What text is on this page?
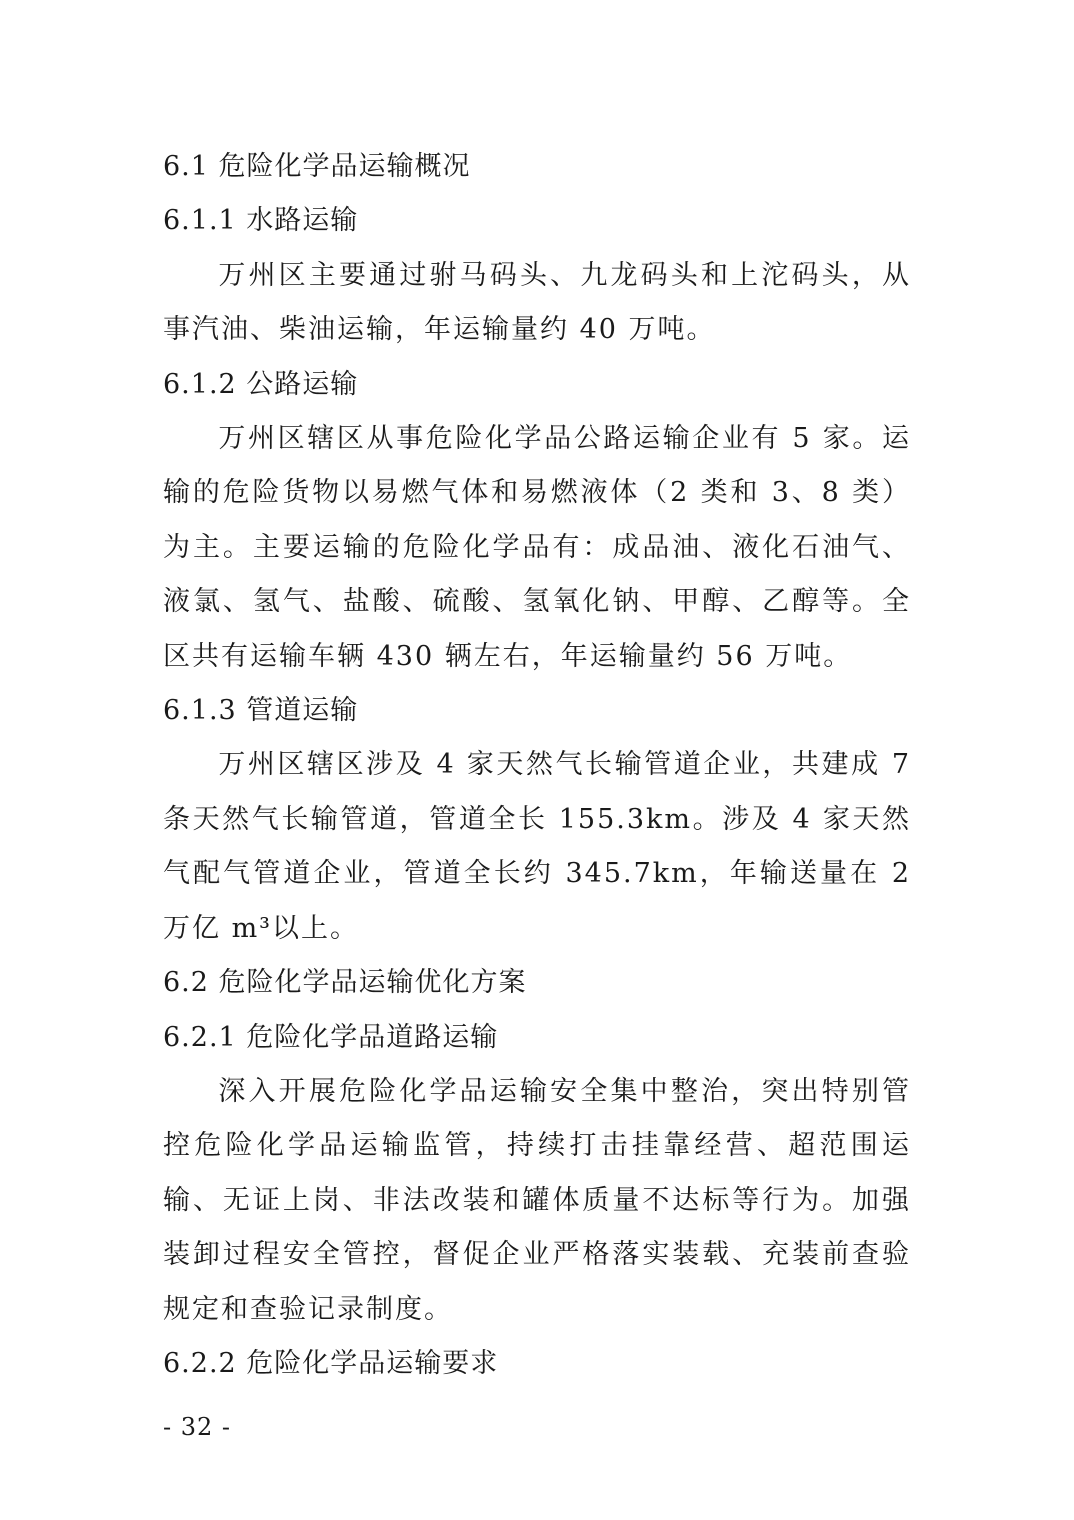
6.1 危险化学品运输概况
6.1.1 水路运输

万州区主要通过驸马码头、九龙码头和上沱码头，从事汽油、柴油运输，年运输量约 40 万吨。

6.1.2 公路运输

万州区辖区从事危险化学品公路运输企业有 5 家。运输的危险货物以易燃气体和易燃液体（2 类和 3、8 类）为主。主要运输的危险化学品有：成品油、液化石油气、液氯、氢气、盐酸、硫酸、氢氧化钠、甲醇、乙醇等。全区共有运输车辆 430 辆左右，年运输量约 56 万吨。

6.1.3 管道运输

万州区辖区涉及 4 家天然气长输管道企业，共建成 7 条天然气长输管道，管道全长 155.3km。涉及 4 家天然气配气管道企业，管道全长约 345.7km，年输送量在 2 万亿 m³以上。

6.2 危险化学品运输优化方案
6.2.1 危险化学品道路运输

深入开展危险化学品运输安全集中整治，突出特别管控危险化学品运输监管，持续打击挂靠经营、超范围运输、无证上岗、非法改装和罐体质量不达标等行为。加强装卸过程安全管控，督促企业严格落实装载、充装前查验规定和查验记录制度。

6.2.2 危险化学品运输要求
- 32 -
